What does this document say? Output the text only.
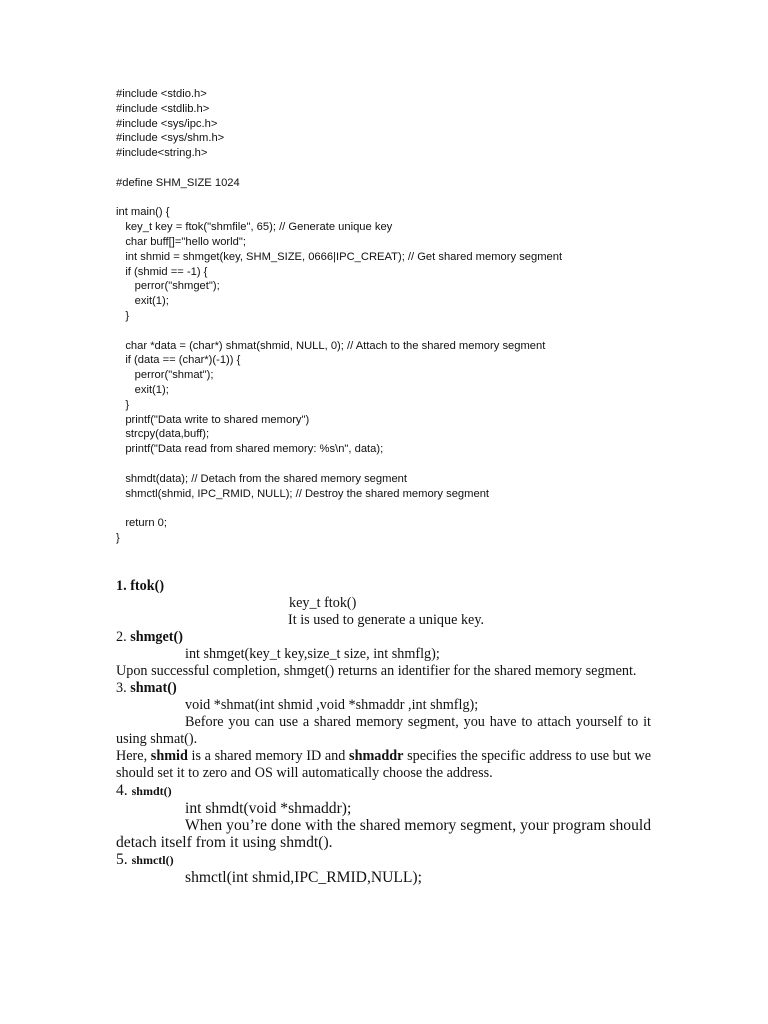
#include <stdio.h>
#include <stdlib.h>
#include <sys/ipc.h>
#include <sys/shm.h>
#include<string.h>
#define SHM_SIZE 1024
int main() {
key_t key = ftok("shmfile", 65); // Generate unique key
char buff[]="hello world";
int shmid = shmget(key, SHM_SIZE, 0666|IPC_CREAT); // Get shared memory segment
if (shmid == -1) {
perror("shmget");
exit(1);
}
char *data = (char*) shmat(shmid, NULL, 0); // Attach to the shared memory segment
if (data == (char*)(-1)) {
perror("shmat");
exit(1);
}
printf("Data write to shared memory")
strcpy(data,buff);
printf("Data read from shared memory: %s\n", data);
shmdt(data); // Detach from the shared memory segment
shmctl(shmid, IPC_RMID, NULL); // Destroy the shared memory segment
return 0;
}

1. ftok()

key_t ftok()

It is used to generate a unique key.

2. shmget()

int shmget(key_t key,size_t size, int shmflg);

Upon successful completion, shmget() returns an identifier for the shared memory segment.

3. shmat()

void *shmat(int shmid ,void *shmaddr ,int shmflg);

Before you can use a shared memory segment, you have to attach yourself to it using shmat().

Here, shmid is a shared memory ID and shmaddr specifies the specific address to use but we should set it to zero and OS will automatically choose the address.

4. shmdt()

int shmdt(void *shmaddr);

When you’re done with the shared memory segment, your program should detach itself from it using shmdt().

5. shmctl()

shmctl(int shmid,IPC_RMID,NULL);
